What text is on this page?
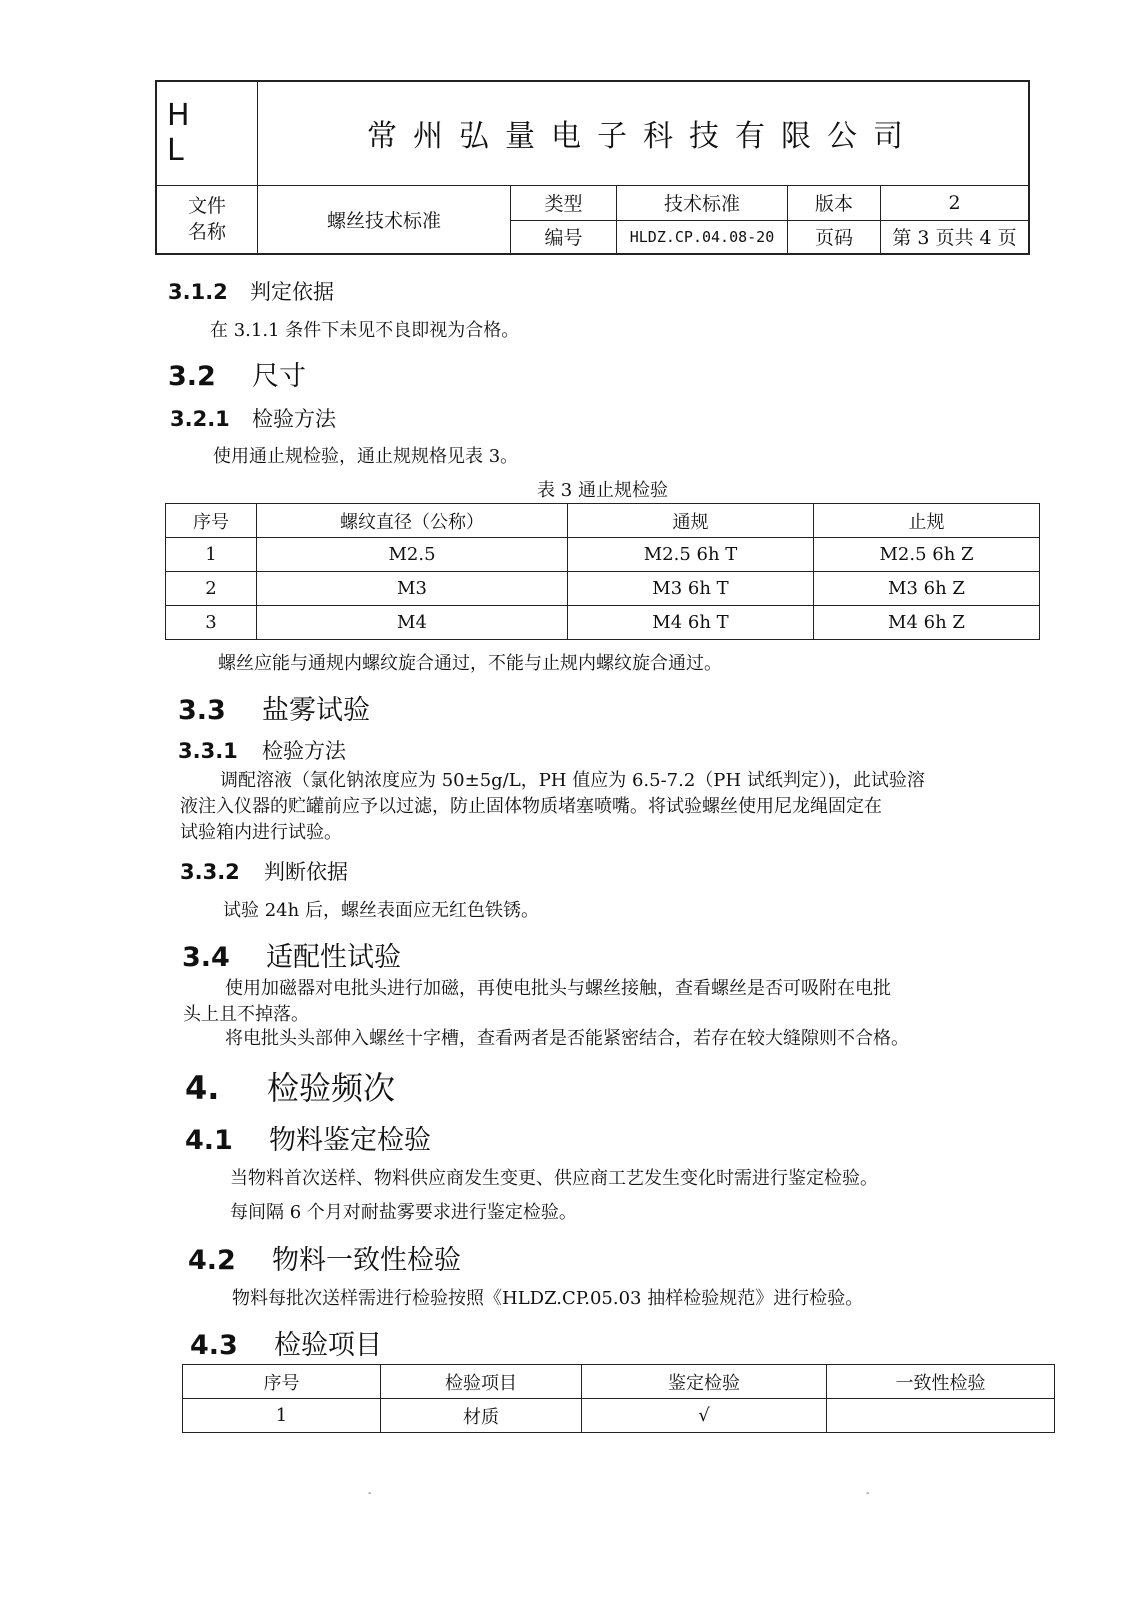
H L	常州弘量电子科技有限公司				
文件
名称	螺丝技术标准	类型	技术标准	版本	2
		编号	HLDZ.CP.04.08-20	页码	第 3 页共 4 页
3.1.2 判定依据
在 3.1.1 条件下未见不良即视为合格。
3.2 尺寸
3.2.1 检验方法
使用通止规检验，通止规规格见表 3。
表 3 通止规检验
序号	螺纹直径（公称）	通规	止规
1	M2.5	M2.5 6h T	M2.5 6h Z
2	M3	M3 6h T	M3 6h Z
3	M4	M4 6h T	M4 6h Z
螺丝应能与通规内螺纹旋合通过，不能与止规内螺纹旋合通过。
3.3 盐雾试验
3.3.1 检验方法
调配溶液（氯化钠浓度应为 50±5g/L，PH 值应为 6.5-7.2（PH 试纸判定）)，此试验溶
液注入仪器的贮罐前应予以过滤，防止固体物质堵塞喷嘴。将试验螺丝使用尼龙绳固定在
试验箱内进行试验。
3.3.2 判断依据
试验 24h 后，螺丝表面应无红色铁锈。
3.4 适配性试验
使用加磁器对电批头进行加磁，再使电批头与螺丝接触，查看螺丝是否可吸附在电批
头上且不掉落。
将电批头头部伸入螺丝十字槽，查看两者是否能紧密结合，若存在较大缝隙则不合格。
4. 检验频次
4.1 物料鉴定检验
当物料首次送样、物料供应商发生变更、供应商工艺发生变化时需进行鉴定检验。
每间隔 6 个月对耐盐雾要求进行鉴定检验。
4.2 物料一致性检验
物料每批次送样需进行检验按照《HLDZ.CP.05.03 抽样检验规范》进行检验。
4.3 检验项目
序号	检验项目	鉴定检验	一致性检验
1	材质	√	
-	-
